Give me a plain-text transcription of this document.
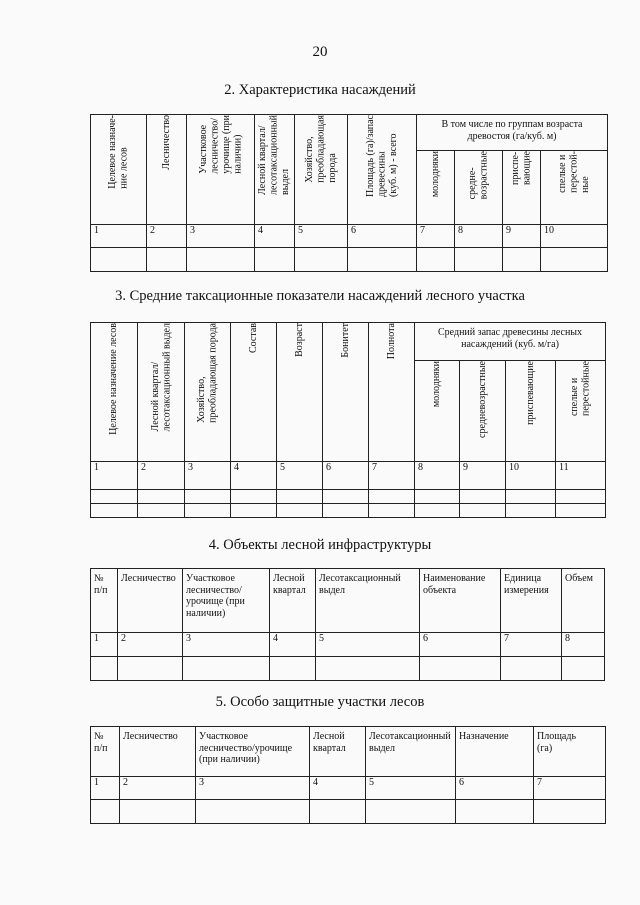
20
2. Характеристика насаждений
Целевое назначе-
ние лесов	Лесничество	Участковое
лесничество/
урочище (при
наличии)	Лесной квартал/
лесотаксационный
выдел	Хозяйство,
преобладающая
порода	Площадь (га)/запас
древесины
(куб. м) - всего	В том числе по группам возраста древостоя (га/куб. м)			

						молодняки	средне-
возрастные	приспе-
вающие	спелые и
перестой-
ные

1	2	3	4	5	6	7	8	9	10

3. Средние таксационные показатели насаждений лесного участка
Целевое назначение лесов	Лесной квартал/
лесотаксационный выдел	Хозяйство,
преобладающая порода	Состав	Возраст	Бонитет	Полнота	Средний запас древесины лесных насаждений (куб. м/га)			

							молодняки	средневозрастные	приспевающие	спелые и
перестойные

1	2	3	4	5	6	7	8	9	10	11

4. Объекты лесной инфраструктуры
№
п/п	Лесничество	Участковое
лесничество/
урочище (при
наличии)	Лесной
квартал	Лесотаксационный
выдел	Наименование
объекта	Единица
измерения	Объем
1	2	3	4	5	6	7	8

5. Особо защитные участки лесов
№
п/п	Лесничество	Участковое
лесничество/урочище
(при наличии)	Лесной
квартал	Лесотаксационный
выдел	Назначение	Площадь
(га)
1	2	3	4	5	6	7
